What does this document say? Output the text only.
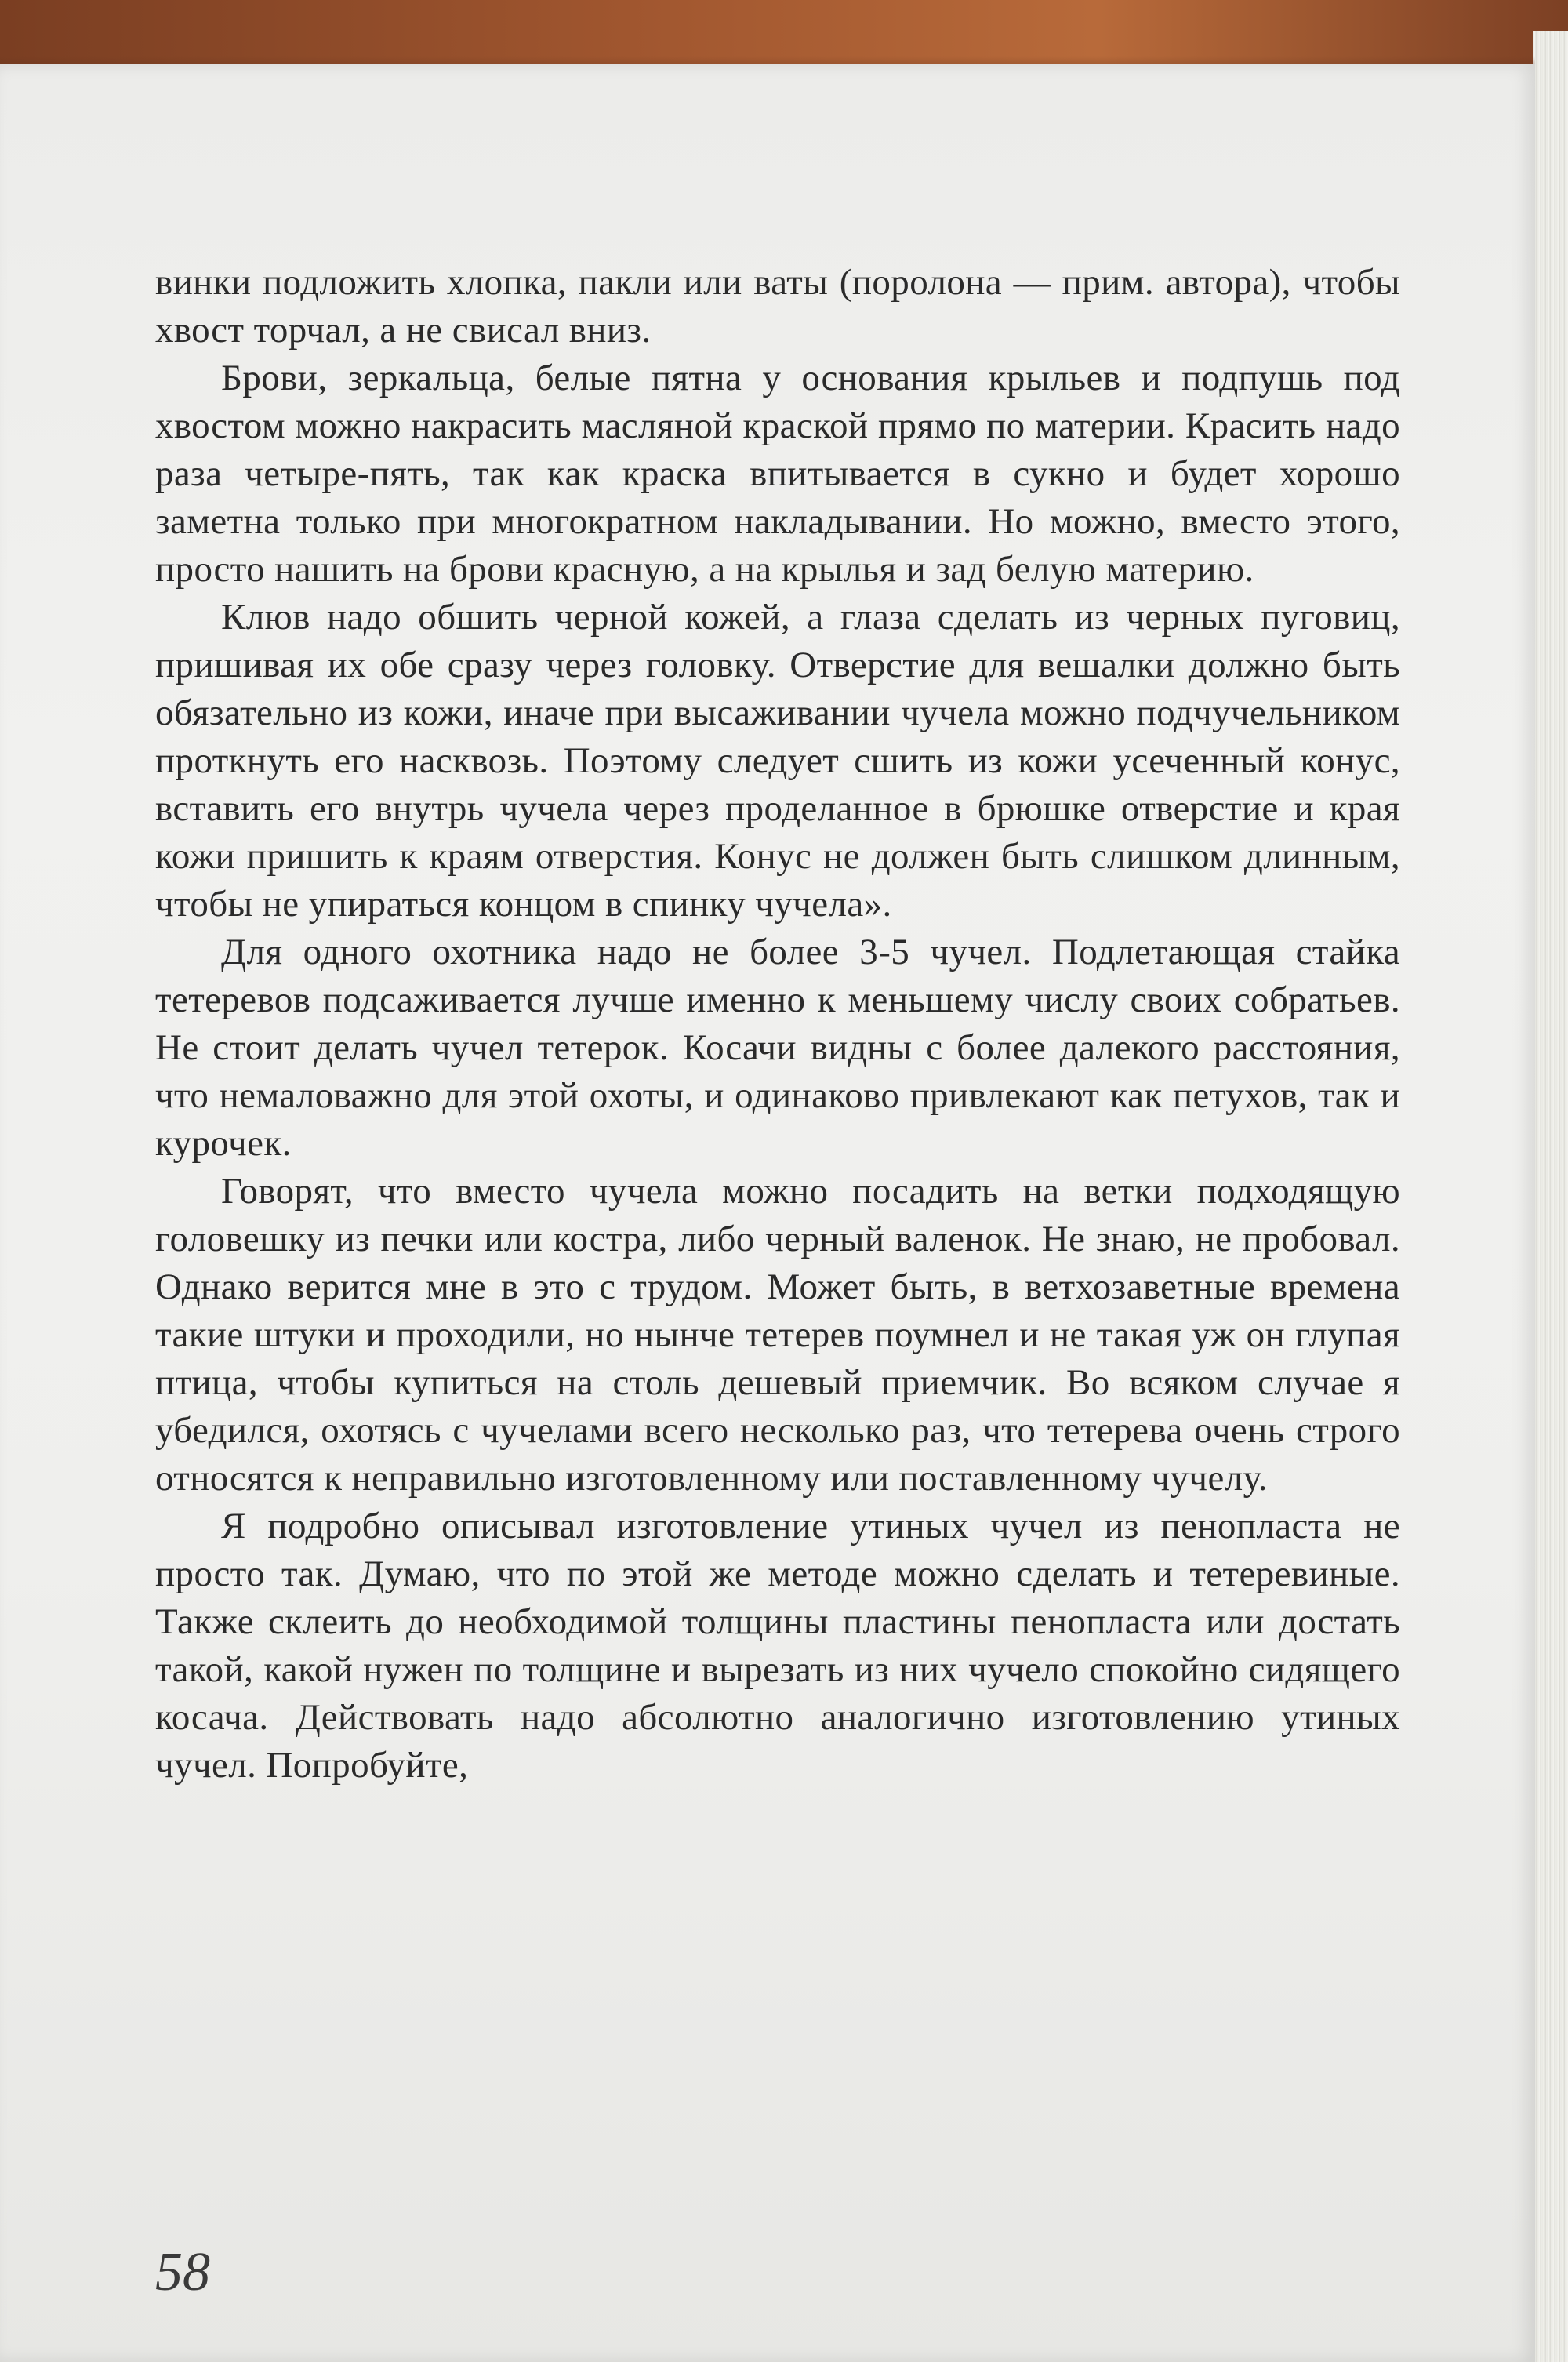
винки подложить хлопка, пакли или ваты (поролона — прим. автора), чтобы хвост торчал, а не свисал вниз.

Брови, зеркальца, белые пятна у основания крыльев и подпушь под хвостом можно накрасить масляной краской прямо по материи. Красить надо раза четыре-пять, так как краска впитывается в сукно и будет хорошо заметна только при многократном накладывании. Но можно, вместо этого, просто нашить на брови красную, а на крылья и зад белую материю.

Клюв надо обшить черной кожей, а глаза сделать из черных пуговиц, пришивая их обе сразу через головку. Отверстие для вешалки должно быть обязательно из кожи, иначе при высаживании чучела можно подчучельником проткнуть его насквозь. Поэтому следует сшить из кожи усеченный конус, вставить его внутрь чучела через проделанное в брюшке отверстие и края кожи пришить к краям отверстия. Конус не должен быть слишком длинным, чтобы не упираться концом в спинку чучела».

Для одного охотника надо не более 3-5 чучел. Подлетающая стайка тетеревов подсаживается лучше именно к меньшему числу своих собратьев. Не стоит делать чучел тетерок. Косачи видны с более далекого расстояния, что немаловажно для этой охоты, и одинаково привлекают как петухов, так и курочек.

Говорят, что вместо чучела можно посадить на ветки подходящую головешку из печки или костра, либо черный валенок. Не знаю, не пробовал. Однако верится мне в это с трудом. Может быть, в ветхозаветные времена такие штуки и проходили, но нынче тетерев поумнел и не такая уж он глупая птица, чтобы купиться на столь дешевый приемчик. Во всяком случае я убедился, охотясь с чучелами всего несколько раз, что тетерева очень строго относятся к неправильно изготовленному или поставленному чучелу.

Я подробно описывал изготовление утиных чучел из пенопласта не просто так. Думаю, что по этой же методе можно сделать и тетеревиные. Также склеить до необходимой толщины пластины пенопласта или достать такой, какой нужен по толщине и вырезать из них чучело спокойно сидящего косача. Действовать надо абсолютно аналогично изготовлению утиных чучел. Попробуйте,

58
